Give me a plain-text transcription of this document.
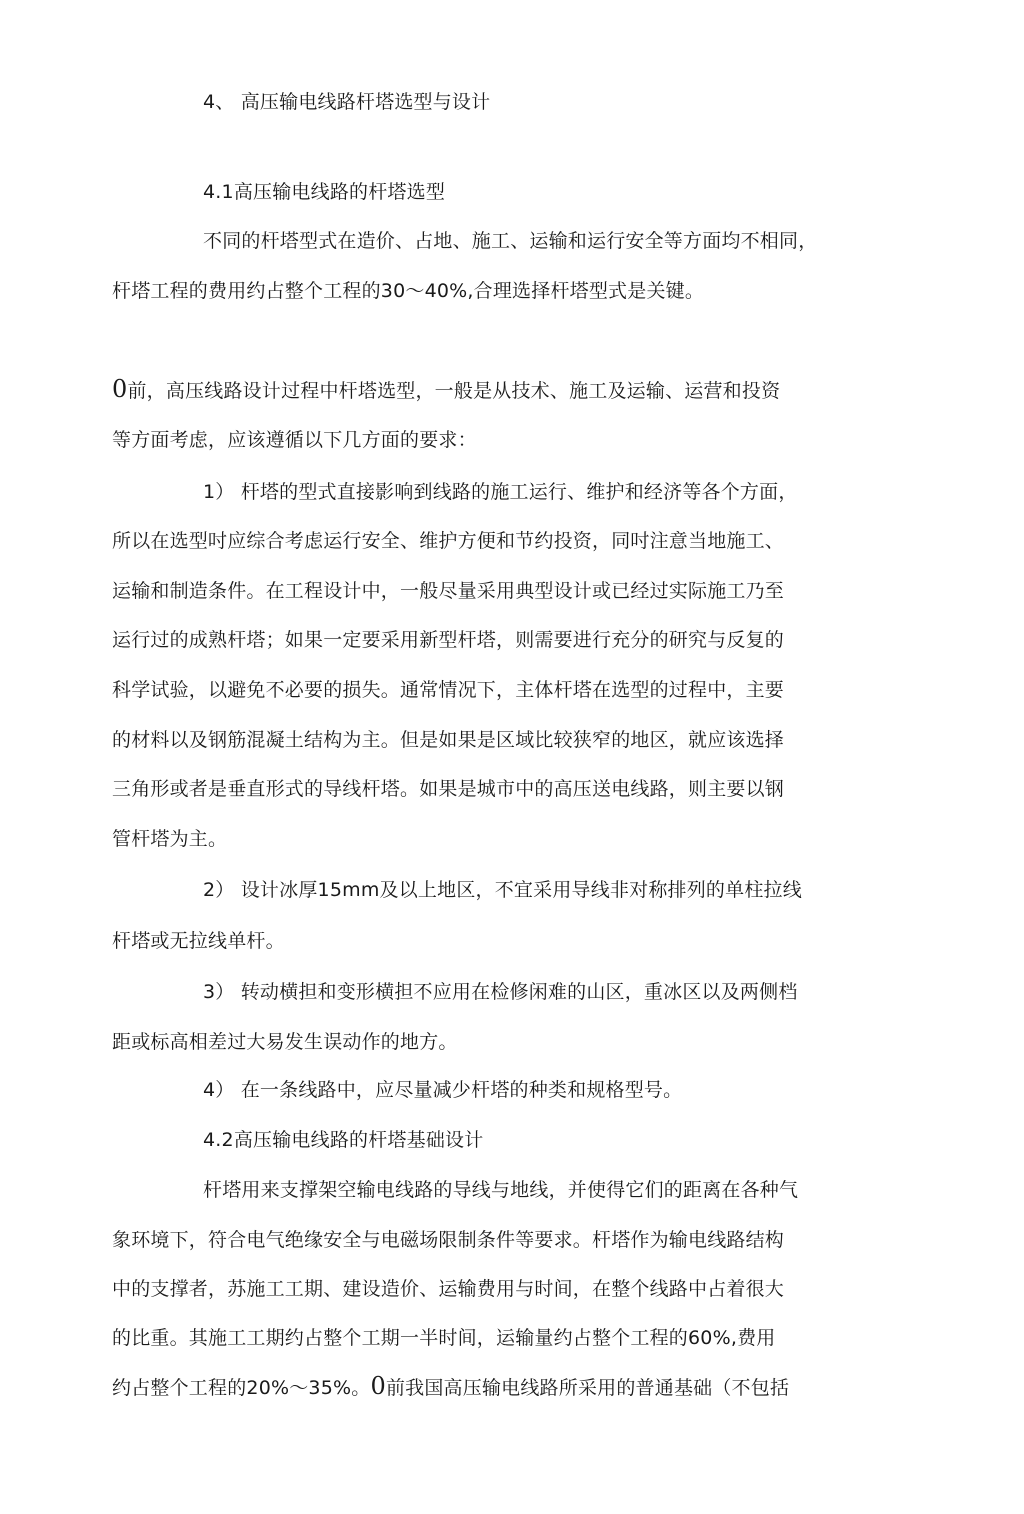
4、 高压输电线路杆塔选型与设计
4.1高压输电线路的杆塔选型
不同的杆塔型式在造价、占地、施工、运输和运行安全等方面均不相同，
杆塔工程的费用约占整个工程的30～40%,合理选择杆塔型式是关键。
0前，高压线路设计过程中杆塔选型，一般是从技术、施工及运输、运营和投资
等方面考虑，应该遵循以下几方面的要求：
1） 杆塔的型式直接影响到线路的施工运行、维护和经济等各个方面，
所以在选型吋应综合考虑运行安全、维护方便和节约投资，同吋注意当地施工、
运输和制造条件。在工程设计中，一般尽量采用典型设计或已经过实际施工乃至
运行过的成熟杆塔；如果一定要采用新型杆塔，则需要进行充分的研究与反复的
科学试验，以避免不必要的损失。通常情况下，主体杆塔在选型的过程中，主要
的材料以及钢筋混凝土结构为主。但是如果是区域比较狭窄的地区，就应该选择
三角形或者是垂直形式的导线杆塔。如果是城市中的高压送电线路，则主要以钢
管杆塔为主。
2） 设计冰厚15mm及以上地区，不宜采用导线非对称排列的单柱拉线
杆塔或无拉线单杆。
3） 转动横担和变形横担不应用在检修闲难的山区，重冰区以及两侧档
距或标高相差过大易发生误动作的地方。
4） 在一条线路中，应尽量减少杆塔的种类和规格型号。
4.2高压输电线路的杆塔基础设计
杆塔用来支撑架空输电线路的导线与地线，并使得它们的距离在各种气
象环境下，符合电气绝缘安全与电磁场限制条件等要求。杆塔作为输电线路结构
中的支撑者，苏施工工期、建设造价、运输费用与时间，在整个线路中占着很大
的比重。其施工工期约占整个工期一半时间，运输量约占整个工程的60%,费用
约占整个工程的20%～35%。0前我国高压输电线路所采用的普通基础（不包括
